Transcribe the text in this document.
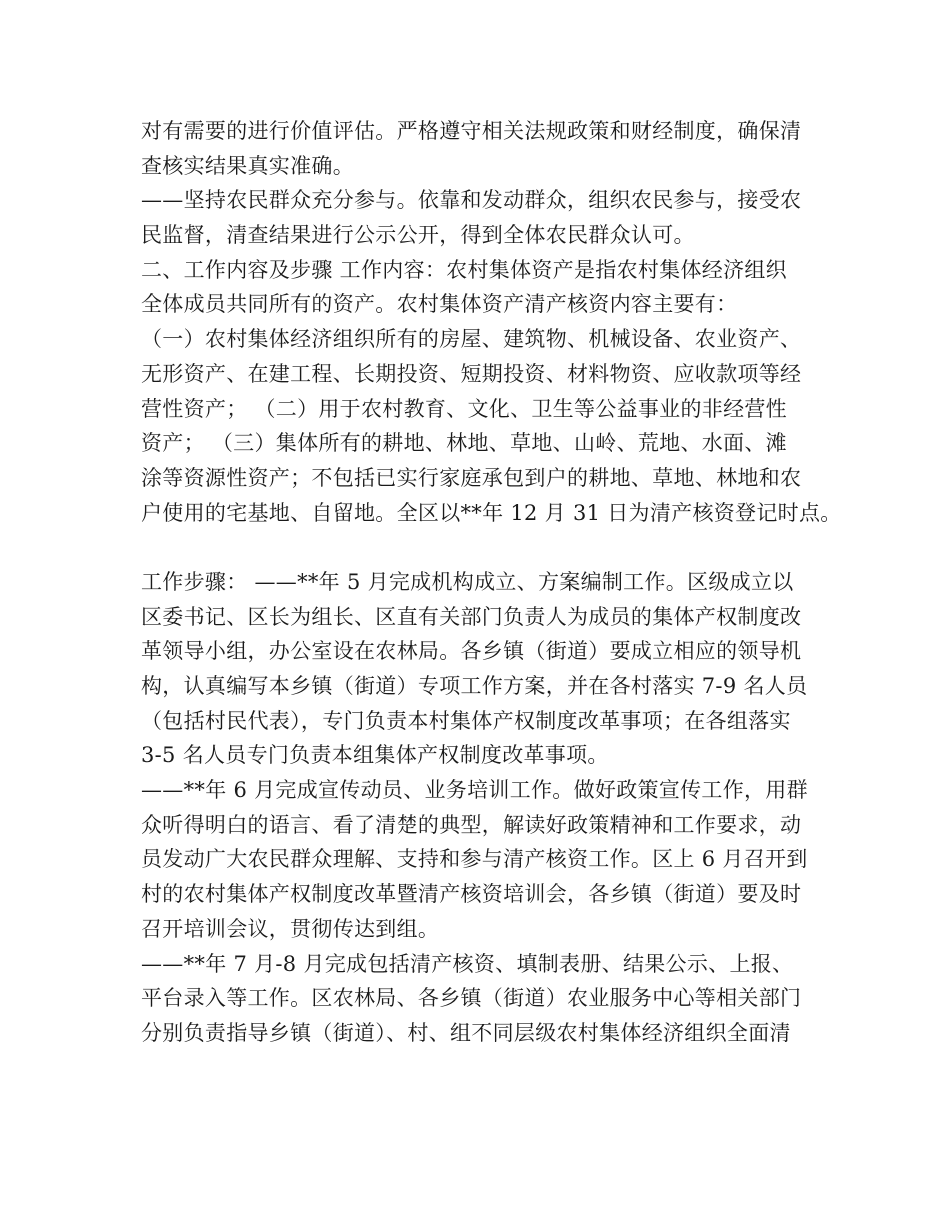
对有需要的进行价值评估。严格遵守相关法规政策和财经制度，确保清
查核实结果真实准确。
——坚持农民群众充分参与。依靠和发动群众，组织农民参与，接受农
民监督，清查结果进行公示公开，得到全体农民群众认可。
二、工作内容及步骤 工作内容：农村集体资产是指农村集体经济组织
全体成员共同所有的资产。农村集体资产清产核资内容主要有：
（一）农村集体经济组织所有的房屋、建筑物、机械设备、农业资产、
无形资产、在建工程、长期投资、短期投资、材料物资、应收款项等经
营性资产； （二）用于农村教育、文化、卫生等公益事业的非经营性
资产； （三）集体所有的耕地、林地、草地、山岭、荒地、水面、滩
涂等资源性资产；不包括已实行家庭承包到户的耕地、草地、林地和农
户使用的宅基地、自留地。全区以**年 12 月 31 日为清产核资登记时点。
工作步骤： ——**年 5 月完成机构成立、方案编制工作。区级成立以
区委书记、区长为组长、区直有关部门负责人为成员的集体产权制度改
革领导小组，办公室设在农林局。各乡镇（街道）要成立相应的领导机
构，认真编写本乡镇（街道）专项工作方案，并在各村落实 7-9 名人员
（包括村民代表），专门负责本村集体产权制度改革事项；在各组落实
3-5 名人员专门负责本组集体产权制度改革事项。
——**年 6 月完成宣传动员、业务培训工作。做好政策宣传工作，用群
众听得明白的语言、看了清楚的典型，解读好政策精神和工作要求，动
员发动广大农民群众理解、支持和参与清产核资工作。区上 6 月召开到
村的农村集体产权制度改革暨清产核资培训会，各乡镇（街道）要及时
召开培训会议，贯彻传达到组。
——**年 7 月-8 月完成包括清产核资、填制表册、结果公示、上报、
平台录入等工作。区农林局、各乡镇（街道）农业服务中心等相关部门
分别负责指导乡镇（街道）、村、组不同层级农村集体经济组织全面清
